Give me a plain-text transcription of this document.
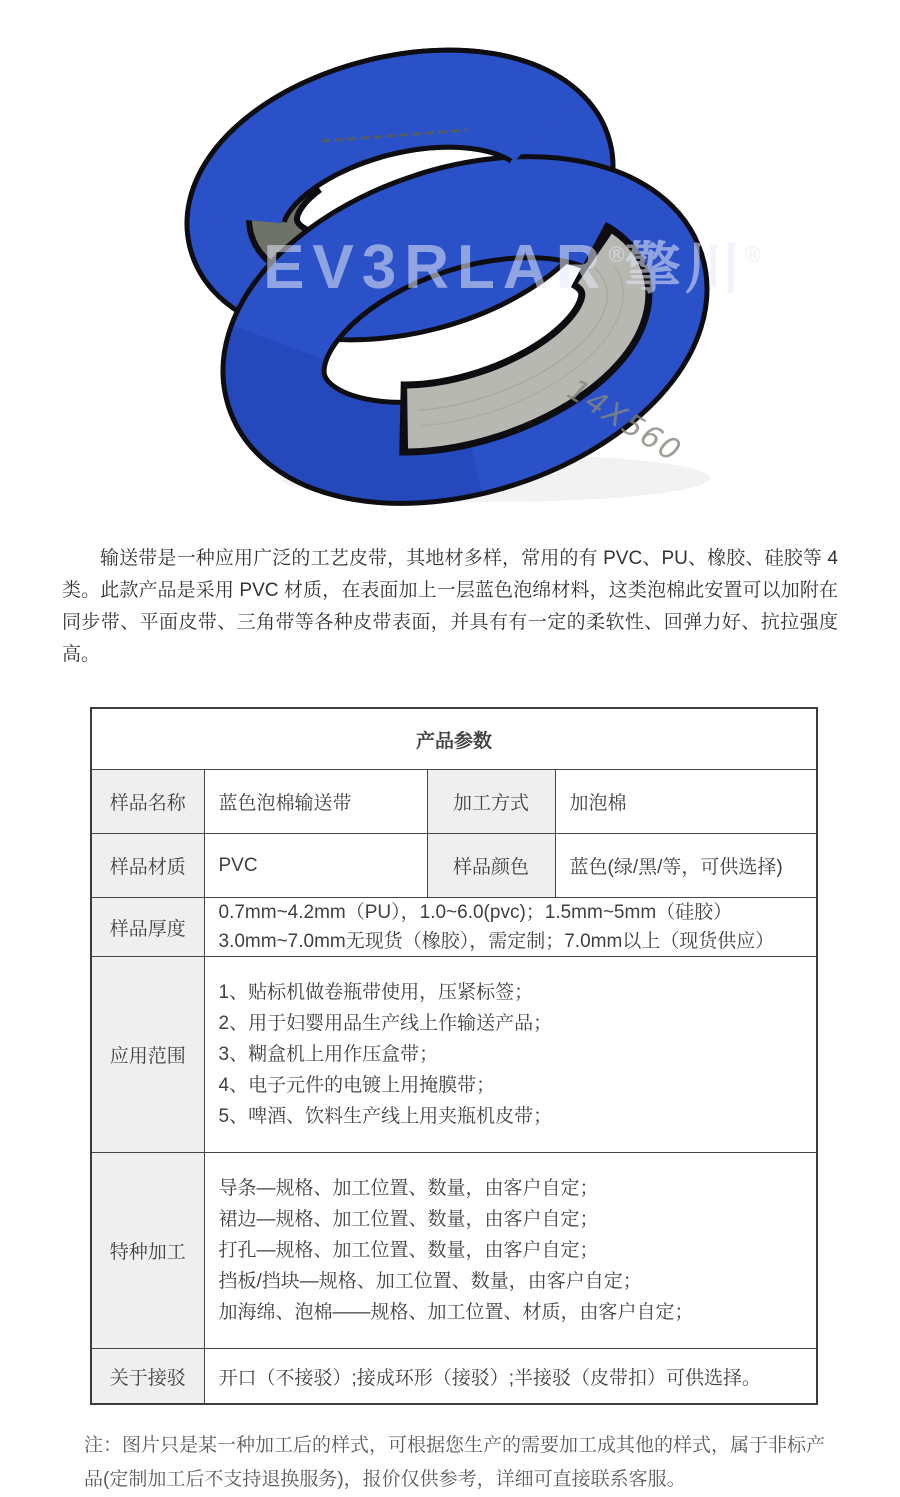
14X560
EV3RLAR®擎川®

输送带是一种应用广泛的工艺皮带，其地材多样，常用的有 PVC、PU、橡胶、硅胶等 4 类。此款产品是采用 PVC 材质，在表面加上一层蓝色泡绵材料，这类泡棉此安置可以加附在同步带、平面皮带、三角带等各种皮带表面，并具有有一定的柔软性、回弹力好、抗拉强度高。

产品参数			
样品名称	蓝色泡棉输送带	加工方式	加泡棉
样品材质	PVC	样品颜色	蓝色(绿/黑/等，可供选择)
样品厚度	0.7mm~4.2mm（PU），1.0~6.0(pvc)；1.5mm~5mm（硅胶）
3.0mm~7.0mm无现货（橡胶），需定制；7.0mm以上（现货供应）		

应用范围	1、贴标机做卷瓶带使用，压紧标签；
2、用于妇婴用品生产线上作输送产品；
3、糊盒机上用作压盒带；
4、电子元件的电镀上用掩膜带；
5、啤酒、饮料生产线上用夹瓶机皮带；		

特种加工	导条—规格、加工位置、数量，由客户自定；
裙边—规格、加工位置、数量，由客户自定；
打孔—规格、加工位置、数量，由客户自定；
挡板/挡块—规格、加工位置、数量，由客户自定；
加海绵、泡棉——规格、加工位置、材质，由客户自定；		

关于接驳	开口（不接驳）;接成环形（接驳）;半接驳（皮带扣）可供选择。		

注：图片只是某一种加工后的样式，可根据您生产的需要加工成其他的样式，属于非标产品(定制加工后不支持退换服务)，报价仅供参考，详细可直接联系客服。
